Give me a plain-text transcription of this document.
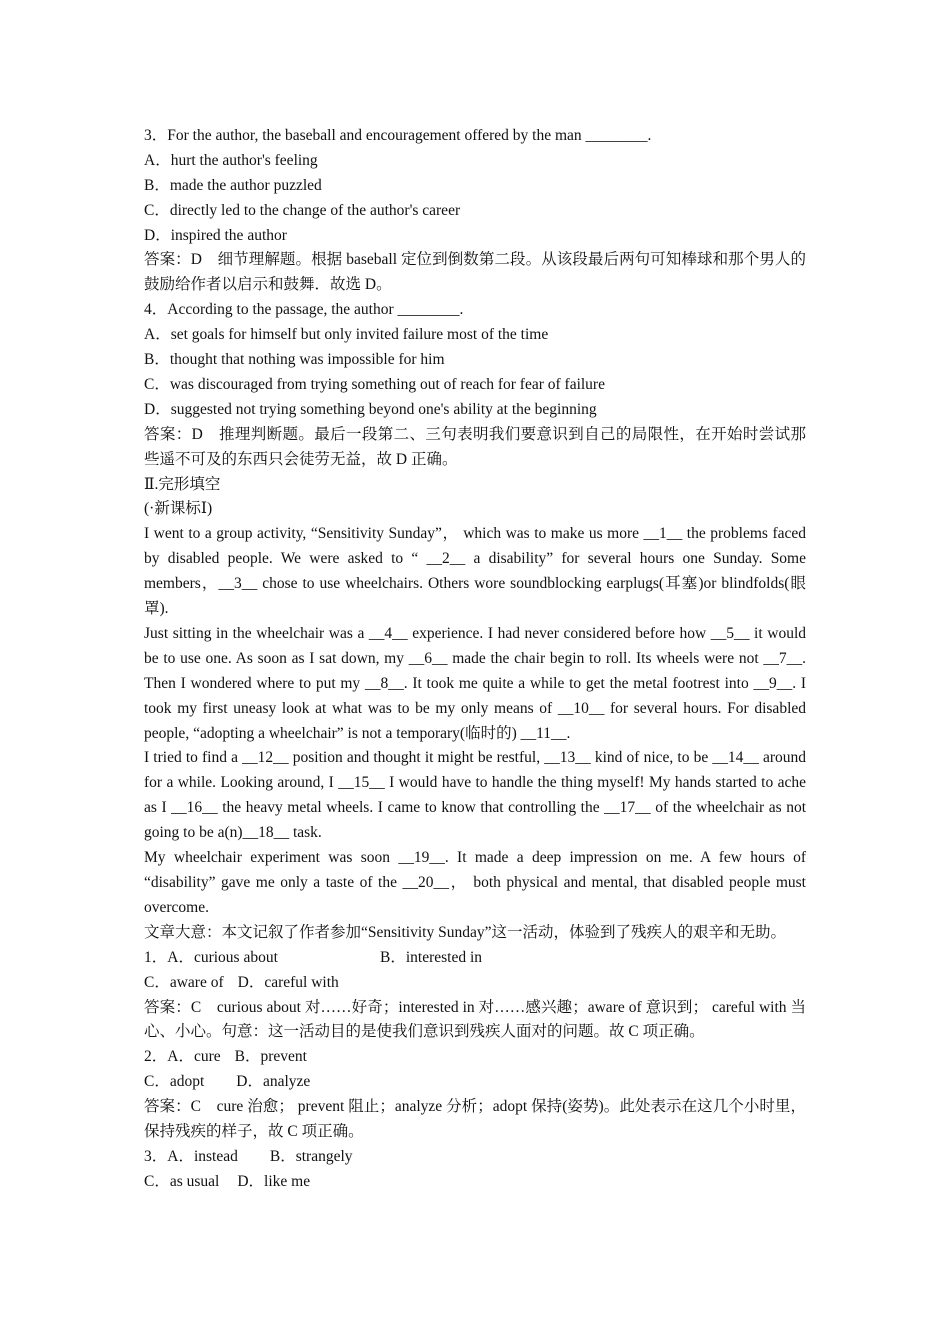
3．For the author, the baseball and encouragement offered by the man ________.
A．hurt the author's feeling
B．made the author puzzled
C．directly led to the change of the author's career
D．inspired the author
答案：D　细节理解题。根据 baseball 定位到倒数第二段。从该段最后两句可知棒球和那个男人的鼓励给作者以启示和鼓舞．故选 D。
4．According to the passage, the author ________.
A．set goals for himself but only invited failure most of the time
B．thought that nothing was impossible for him
C．was discouraged from trying something out of reach for fear of failure
D．suggested not trying something beyond one's ability at the beginning
答案：D　推理判断题。最后一段第二、三句表明我们要意识到自己的局限性，在开始时尝试那些遥不可及的东西只会徒劳无益，故 D 正确。
Ⅱ.完形填空
(·新课标Ⅰ)
I went to a group activity, “Sensitivity Sunday”， which was to make us more __1__ the problems faced by disabled people. We were asked to “ __2__ a disability” for several hours one Sunday. Some members，__3__ chose to use wheelchairs. Others wore soundblocking earplugs(耳塞)or blindfolds(眼罩).
Just sitting in the wheelchair was a __4__ experience. I had never considered before how __5__ it would be to use one. As soon as I sat down, my __6__ made the chair begin to roll. Its wheels were not __7__. Then I wondered where to put my __8__. It took me quite a while to get the metal footrest into __9__. I took my first uneasy look at what was to be my only means of __10__ for several hours. For disabled people, “adopting a wheelchair” is not a temporary(临时的) __11__.
I tried to find a __12__ position and thought it might be restful, __13__ kind of nice, to be __14__ around for a while. Looking around, I __15__ I would have to handle the thing myself! My hands started to ache as I __16__ the heavy metal wheels. I came to know that controlling the __17__ of the wheelchair as not going to be a(n)__18__ task.
My wheelchair experiment was soon __19__. It made a deep impression on me. A few hours of “disability” gave me only a taste of the __20__， both physical and mental, that disabled people must overcome.
文章大意：本文记叙了作者参加“Sensitivity Sunday”这一活动，体验到了残疾人的艰辛和无助。
1．A．curious about	B．interested in
C．aware of D．careful with
答案：C　curious about 对……好奇；interested in 对……感兴趣；aware of 意识到； careful with 当心、小心。句意：这一活动目的是使我们意识到残疾人面对的问题。故 C 项正确。
2．A．cure B．prevent
C．adopt D．analyze
答案：C　cure 治愈； prevent 阻止；analyze 分析；adopt 保持(姿势)。此处表示在这几个小时里，保持残疾的样子，故 C 项正确。
3．A．instead B．strangely
C．as usual D．like me
